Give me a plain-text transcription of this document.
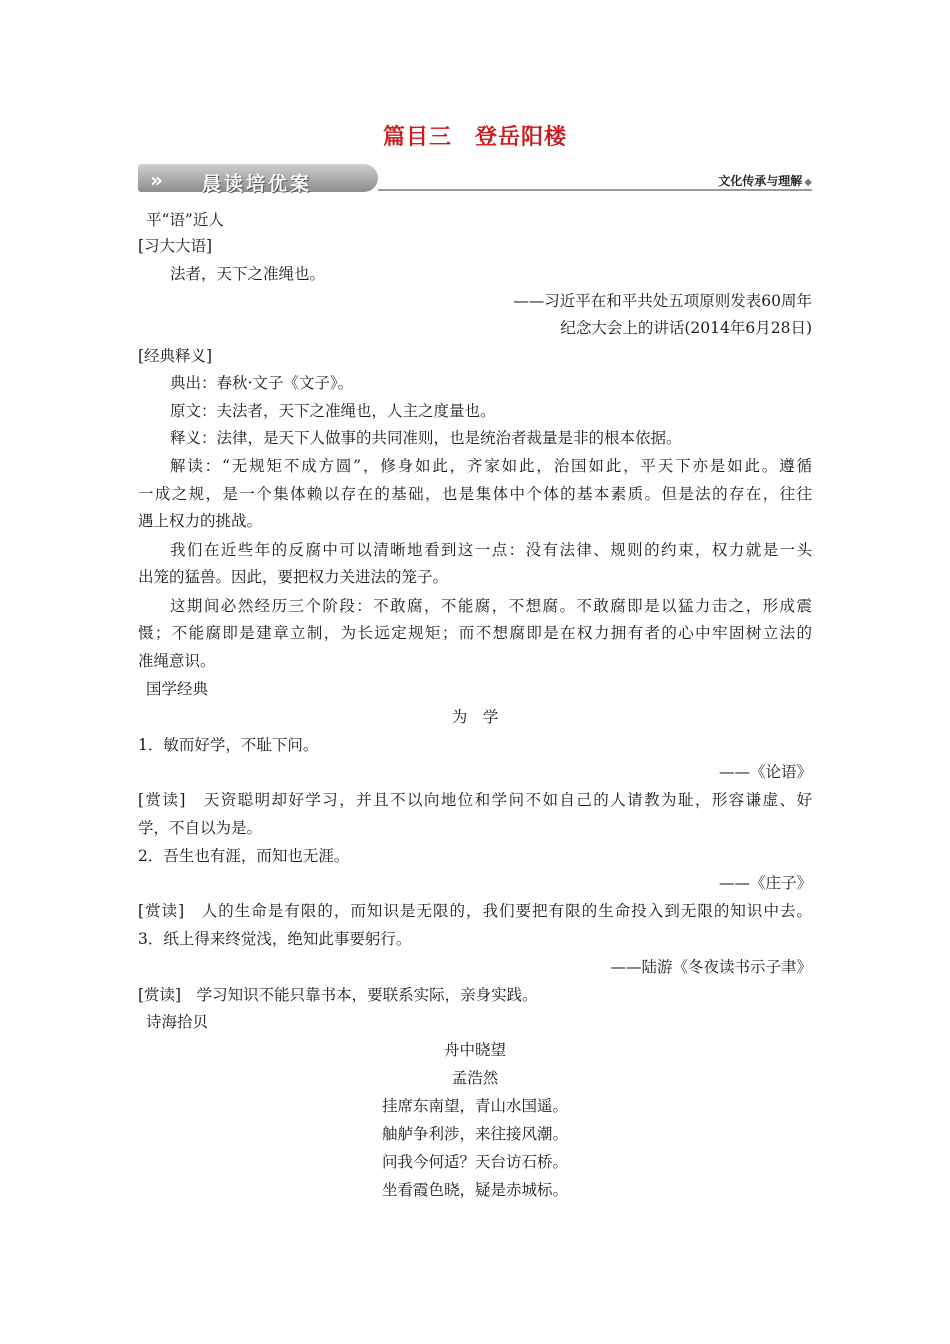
篇目三　登岳阳楼
» 晨读培优案	文化传承与理解 ◆
平“语”近人
[习大大语]
法者，天下之准绳也。
——习近平在和平共处五项原则发表60周年
纪念大会上的讲话(2014年6月28日)
[经典释义]
典出：春秋·文子《文子》。
原文：夫法者，天下之准绳也，人主之度量也。
释义：法律，是天下人做事的共同准则，也是统治者裁量是非的根本依据。
解读：“无规矩不成方圆”，修身如此，齐家如此，治国如此，平天下亦是如此。遵循
一成之规，是一个集体赖以存在的基础，也是集体中个体的基本素质。但是法的存在，往往
遇上权力的挑战。
我们在近些年的反腐中可以清晰地看到这一点：没有法律、规则的约束，权力就是一头
出笼的猛兽。因此，要把权力关进法的笼子。
这期间必然经历三个阶段：不敢腐，不能腐，不想腐。不敢腐即是以猛力击之，形成震
慑；不能腐即是建章立制，为长远定规矩；而不想腐即是在权力拥有者的心中牢固树立法的
准绳意识。
国学经典
为　学
1．敏而好学，不耻下问。
——《论语》
[赏读]　天资聪明却好学习，并且不以向地位和学问不如自己的人请教为耻，形容谦虚、好
学，不自以为是。
2．吾生也有涯，而知也无涯。
——《庄子》
[赏读]　人的生命是有限的，而知识是无限的，我们要把有限的生命投入到无限的知识中去。
3．纸上得来终觉浅，绝知此事要躬行。
——陆游《冬夜读书示子聿》
[赏读]　学习知识不能只靠书本，要联系实际，亲身实践。
诗海拾贝
舟中晓望
孟浩然
挂席东南望，青山水国遥。
舳舻争利涉，来往接风潮。
问我今何适？天台访石桥。
坐看霞色晓，疑是赤城标。
